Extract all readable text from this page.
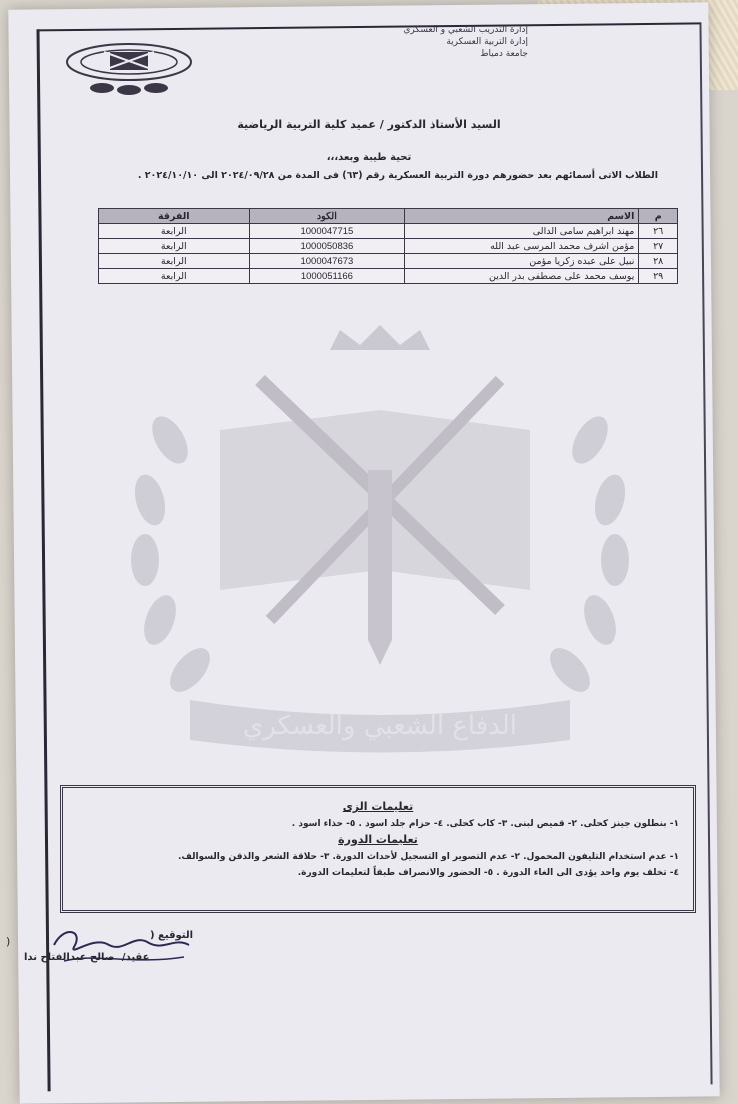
إدارة التدريب الشعبي و العسكري
إدارة التربية العسكرية
جامعة دمياط
السيد الأستاذ الدكتور / عميد كلية التربية الرياضية
تحية طيبة وبعد،،،
الطلاب الاتى أسمائهم بعد حضورهم دورة التربية العسكرية رقم (٦٣) فى المدة من ٢٠٢٤/٠٩/٢٨ الى ٢٠٢٤/١٠/١٠ .
الدفاع الشعبي والعسكري
م	الاسم	الكود	الفرقة
٢٦	مهند ابراهيم سامى الدالى	1000047715	الرابعة
٢٧	مؤمن اشرف محمد المرسى عبد الله	1000050836	الرابعة
٢٨	نبيل على عبده زكريا مؤمن	1000047673	الرابعة
٢٩	يوسف محمد على مصطفى بدر الدين	1000051166	الرابعة
تعليمات الزى
١- بنطلون جينز كحلى. ٢- قميص لبنى. ٣- كاب كحلى. ٤- حزام جلد اسود . ٥- حذاء اسود .
تعليمات الدورة
١- عدم استخدام التليفون المحمول. ٢- عدم التصوير او التسجيل لأحداث الدورة. ٣- حلاقة الشعر والذقن والسوالف.
٤- تخلف يوم واحد يؤدى الى الغاء الدورة . ٥- الحضور والانصراف طبقاً لتعليمات الدورة.
التوقيع (
)
عقيد/ صالح عبدالفتاح ندا
